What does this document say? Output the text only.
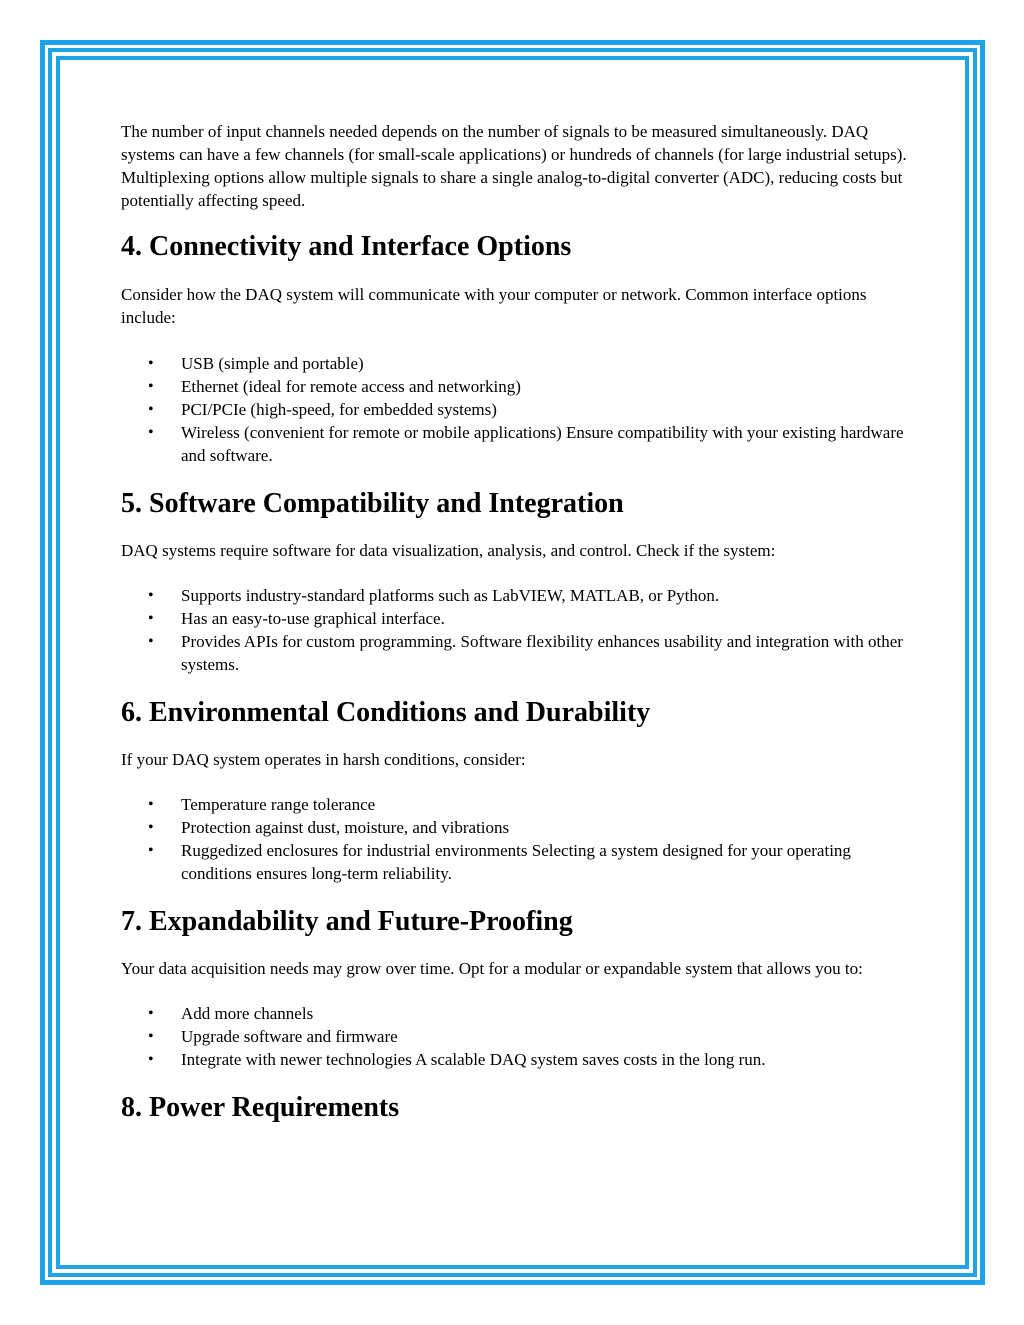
The number of input channels needed depends on the number of signals to be measured simultaneously. DAQ systems can have a few channels (for small-scale applications) or hundreds of channels (for large industrial setups). Multiplexing options allow multiple signals to share a single analog-to-digital converter (ADC), reducing costs but potentially affecting speed.

4. Connectivity and Interface Options

Consider how the DAQ system will communicate with your computer or network. Common interface options include:

• USB (simple and portable)
• Ethernet (ideal for remote access and networking)
• PCI/PCIe (high-speed, for embedded systems)
• Wireless (convenient for remote or mobile applications) Ensure compatibility with your existing hardware and software.
5. Software Compatibility and Integration

DAQ systems require software for data visualization, analysis, and control. Check if the system:

• Supports industry-standard platforms such as LabVIEW, MATLAB, or Python.
• Has an easy-to-use graphical interface.
• Provides APIs for custom programming. Software flexibility enhances usability and integration with other systems.
6. Environmental Conditions and Durability

If your DAQ system operates in harsh conditions, consider:

• Temperature range tolerance
• Protection against dust, moisture, and vibrations
• Ruggedized enclosures for industrial environments Selecting a system designed for your operating conditions ensures long-term reliability.
7. Expandability and Future-Proofing

Your data acquisition needs may grow over time. Opt for a modular or expandable system that allows you to:

• Add more channels
• Upgrade software and firmware
• Integrate with newer technologies A scalable DAQ system saves costs in the long run.
8. Power Requirements
